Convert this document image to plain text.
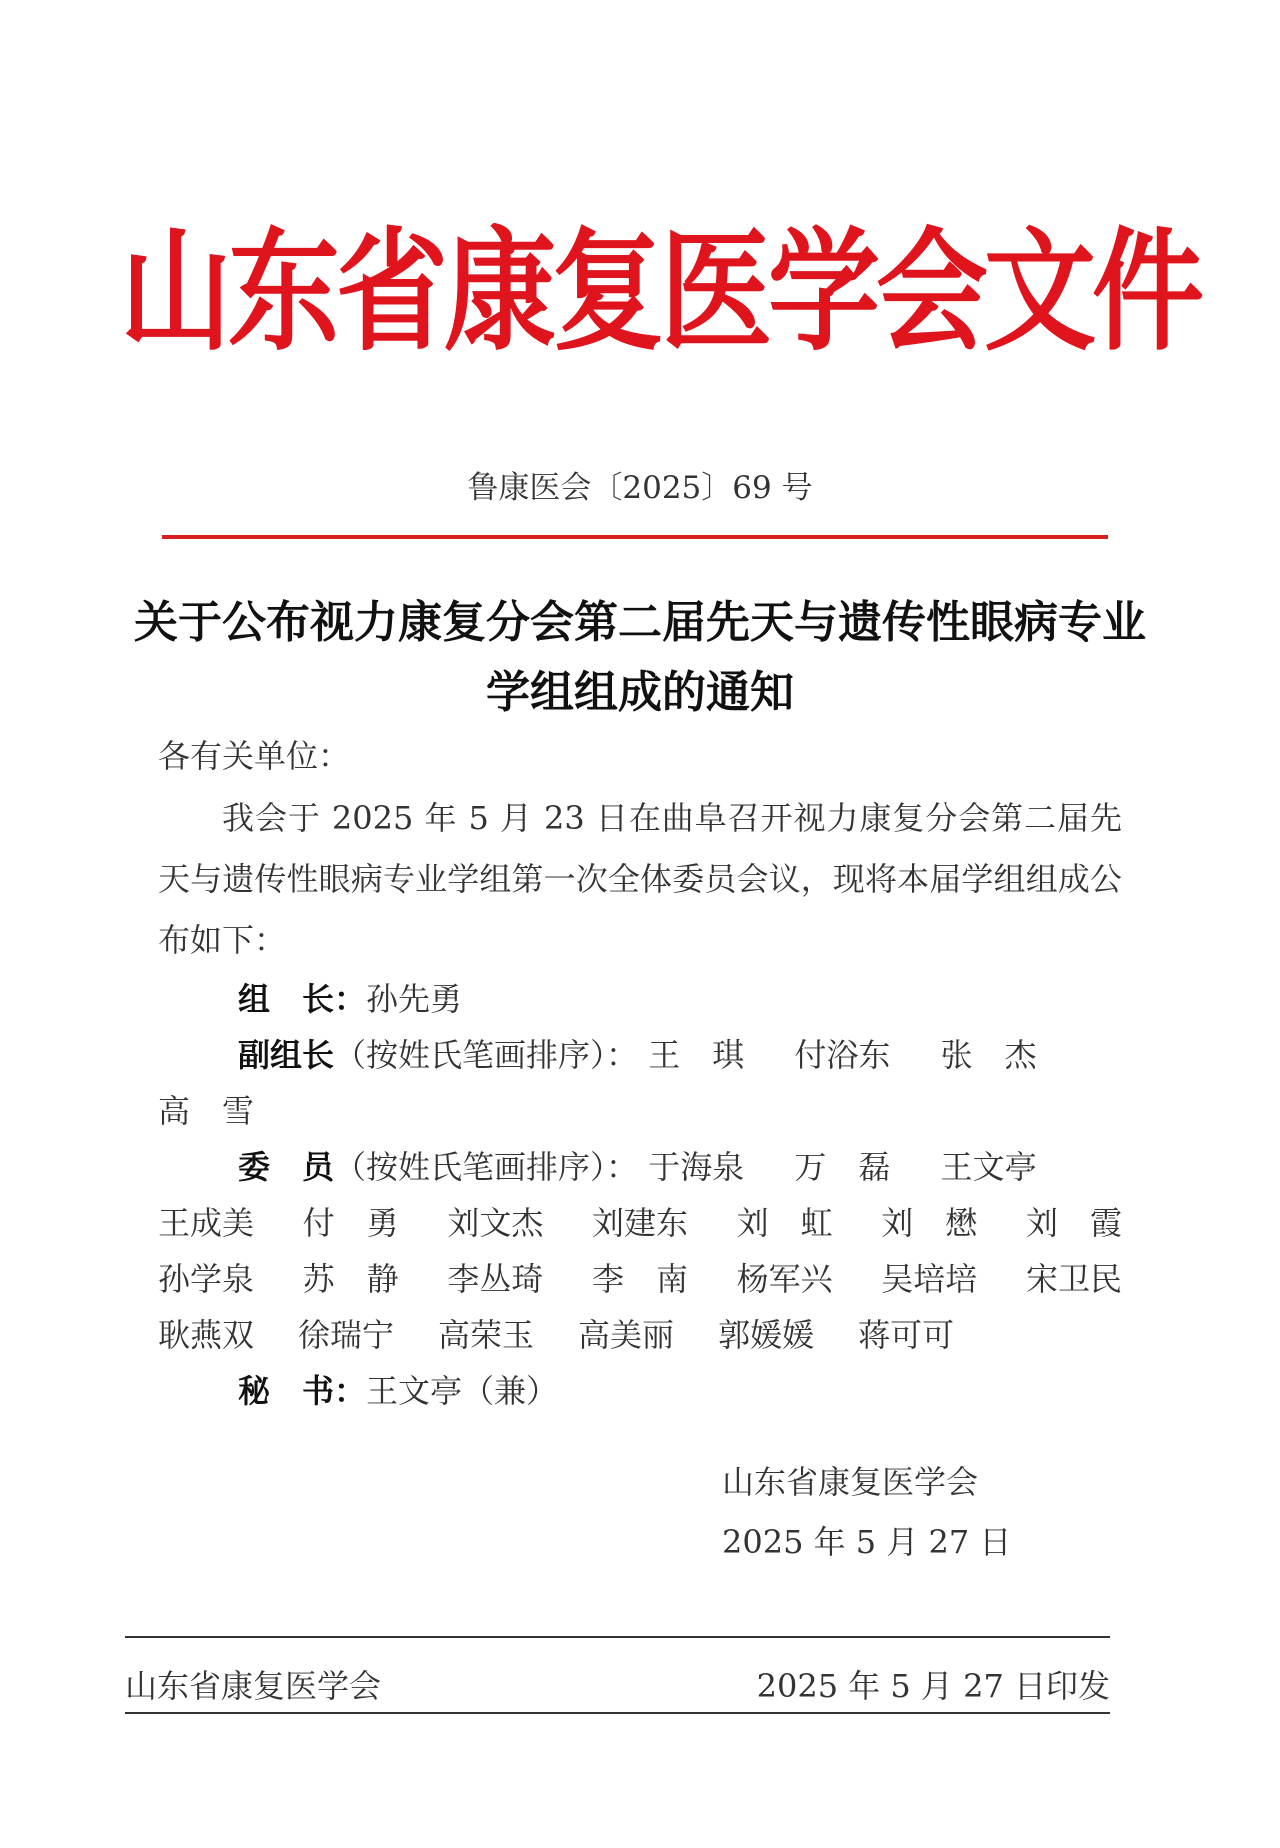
山东省康复医学会文件
鲁康医会〔2025〕69 号
关于公布视力康复分会第二届先天与遗传性眼病专业
学组组成的通知
各有关单位：
我会于 2025 年 5 月 23 日在曲阜召开视力康复分会第二届先天与遗传性眼病专业学组第一次全体委员会议，现将本届学组组成公布如下：
组　长：孙先勇
副组长（按姓氏笔画排序）： 王　琪 付浴东 张　杰
高　雪
委　员（按姓氏笔画排序）： 于海泉 万　磊 王文亭
王成美 付　勇 刘文杰 刘建东 刘　虹 刘　懋 刘　霞
孙学泉 苏　静 李丛琦 李　南 杨军兴 吴培培 宋卫民
耿燕双 徐瑞宁 高荣玉 高美丽 郭媛媛 蒋可可
秘　书：王文亭（兼）
山东省康复医学会
2025 年 5 月 27 日
山东省康复医学会	2025 年 5 月 27 日印发
